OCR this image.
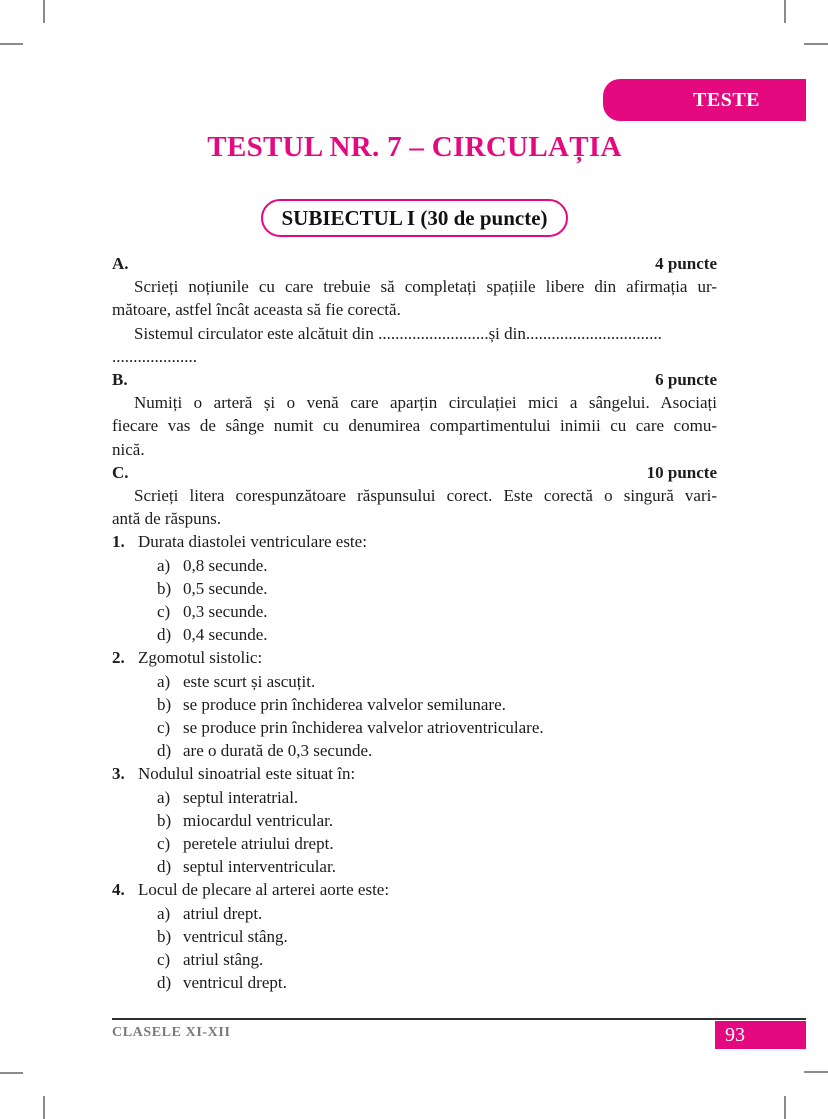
TESTE
TESTUL NR. 7 – CIRCULAȚIA
SUBIECTUL I (30 de puncte)
A.	4 puncte
Scrieți noțiunile cu care trebuie să completați spațiile libere din afirmația ur-
mătoare, astfel încât aceasta să fie corectă.
Sistemul circulator este alcătuit din ..........................și din................................
....................
B.	6 puncte
Numiți o arteră și o venă care aparțin circulației mici a sângelui. Asociați
fiecare vas de sânge numit cu denumirea compartimentului inimii cu care comu-
nică.
C.	10 puncte
Scrieți litera corespunzătoare răspunsului corect. Este corectă o singură vari-
antă de răspuns.
1. Durata diastolei ventriculare este:
a) 0,8 secunde.
b) 0,5 secunde.
c) 0,3 secunde.
d) 0,4 secunde.
2. Zgomotul sistolic:
a) este scurt și ascuțit.
b) se produce prin închiderea valvelor semilunare.
c) se produce prin închiderea valvelor atrioventriculare.
d) are o durată de 0,3 secunde.
3. Nodulul sinoatrial este situat în:
a) septul interatrial.
b) miocardul ventricular.
c) peretele atriului drept.
d) septul interventricular.
4. Locul de plecare al arterei aorte este:
a) atriul drept.
b) ventricul stâng.
c) atriul stâng.
d) ventricul drept.
CLASELE XI-XII	93
